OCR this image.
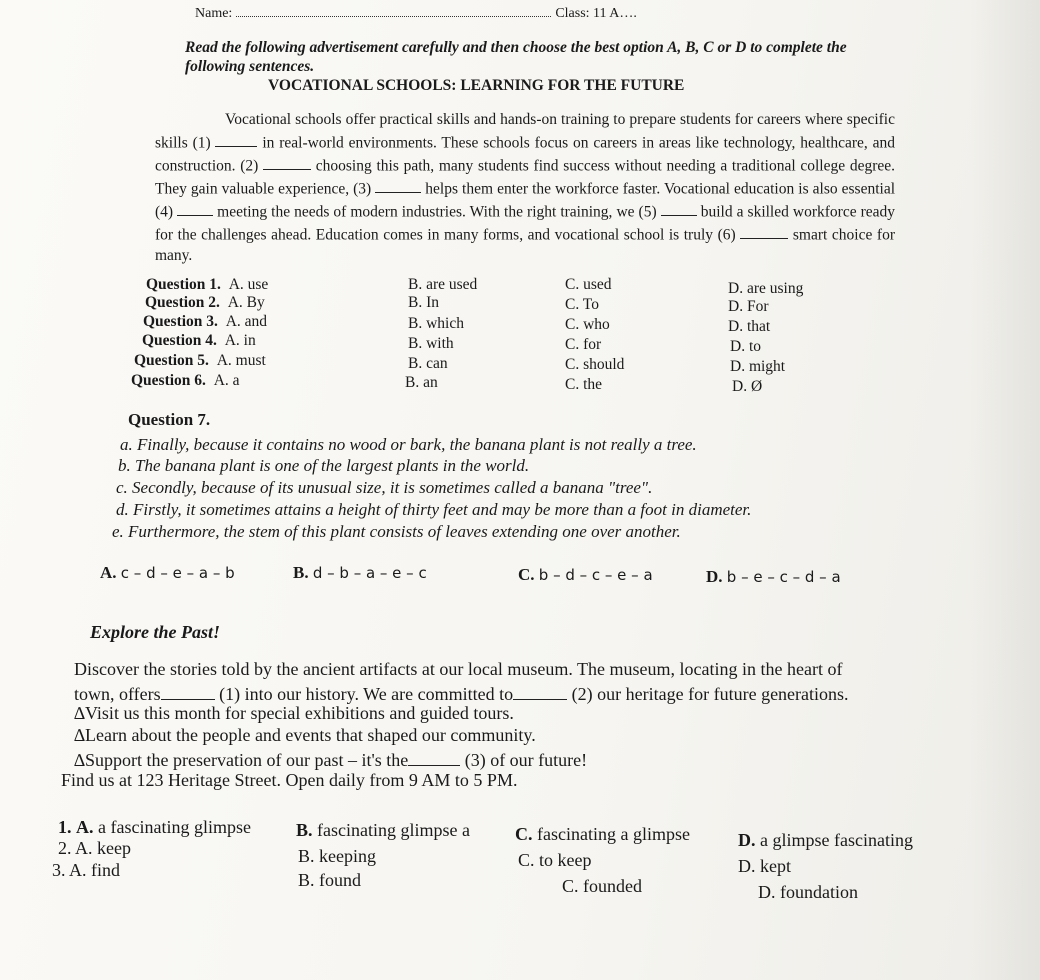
Name:	Class: 11 A….
Read the following advertisement carefully and then choose the best option A, B, C or D to complete the following sentences.
VOCATIONAL SCHOOLS: LEARNING FOR THE FUTURE

Vocational schools offer practical skills and hands-on training to prepare students for careers where specific skills (1)	in real-world environments. These schools focus on careers in areas like technology, healthcare, and construction. (2)	choosing this path, many students find success without needing a traditional college degree. They gain valuable experience, (3)	helps them enter the workforce faster. Vocational education is also essential (4)	meeting the needs of modern industries. With the right training, we (5)	build a skilled workforce ready for the challenges ahead. Education comes in many forms, and vocational school is truly (6)	smart choice for many.

Question 1. A. use	B. are used	C. used	D. are using
Question 2. A. By	B. In	C. To	D. For
Question 3. A. and	B. which	C. who	D. that
Question 4. A. in	B. with	C. for	D. to
Question 5. A. must	B. can	C. should	D. might
Question 6. A. a	B. an	C. the	D. Ø
Question 7.
a. Finally, because it contains no wood or bark, the banana plant is not really a tree.
b. The banana plant is one of the largest plants in the world.
c. Secondly, because of its unusual size, it is sometimes called a banana "tree".
d. Firstly, it sometimes attains a height of thirty feet and may be more than a foot in diameter.
e. Furthermore, the stem of this plant consists of leaves extending one over another.
A. c – d – e – a – b	B. d – b – a – e – c	C. b – d – c – e – a	D. b – e – c – d – a
Explore the Past!
Discover the stories told by the ancient artifacts at our local museum. The museum, locating in the heart of
town, offers	(1) into our history. We are committed to	(2) our heritage for future generations.
∆Visit us this month for special exhibitions and guided tours.
∆Learn about the people and events that shaped our community.
∆Support the preservation of our past – it's the	(3) of our future!
Find us at 123 Heritage Street. Open daily from 9 AM to 5 PM.
1. A. a fascinating glimpse	B. fascinating glimpse a	C. fascinating a glimpse	D. a glimpse fascinating
2. A. keep	B. keeping	C. to keep	D. kept
3. A. find	B. found	C. founded	D. foundation
